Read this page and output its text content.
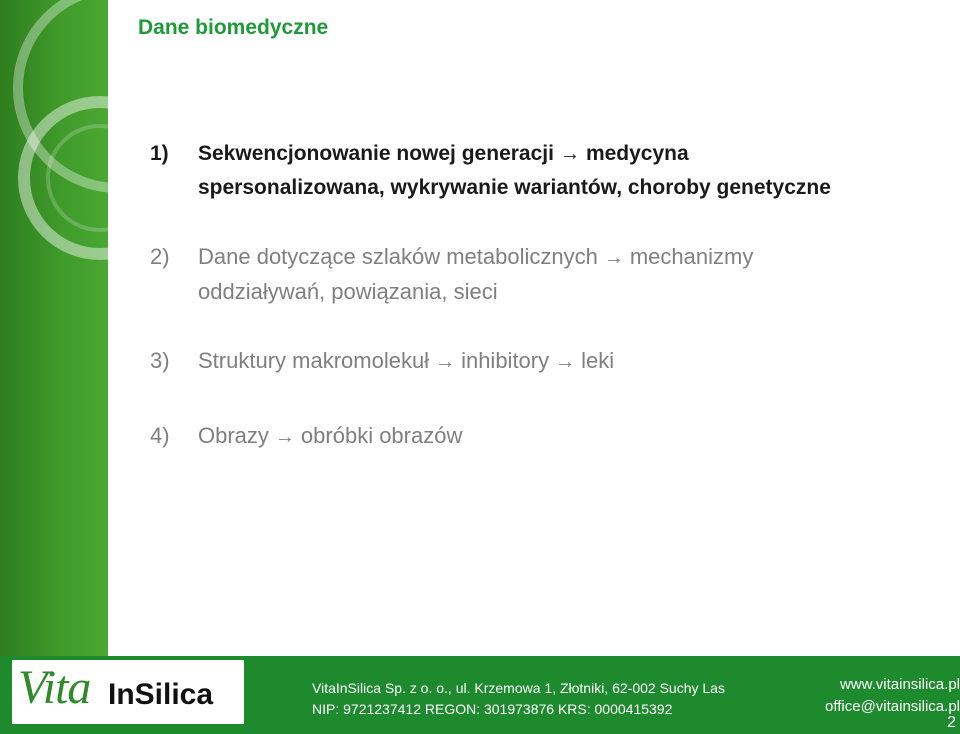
Dane biomedyczne
1) Sekwencjonowanie nowej generacji → medycyna spersonalizowana, wykrywanie wariantów, choroby genetyczne
2) Dane dotyczące szlaków metabolicznych → mechanizmy oddziaływań, powiązania, sieci
3) Struktury makromolekuł → inhibitory → leki
4) Obrazy → obróbki obrazów
Vita InSilica	VitaInSilica Sp. z o. o., ul. Krzemowa 1, Złotniki, 62-002 Suchy Las
NIP: 9721237412 REGON: 301973876 KRS: 0000415392
www.vitainsilica.pl
office@vitainsilica.pl
2
